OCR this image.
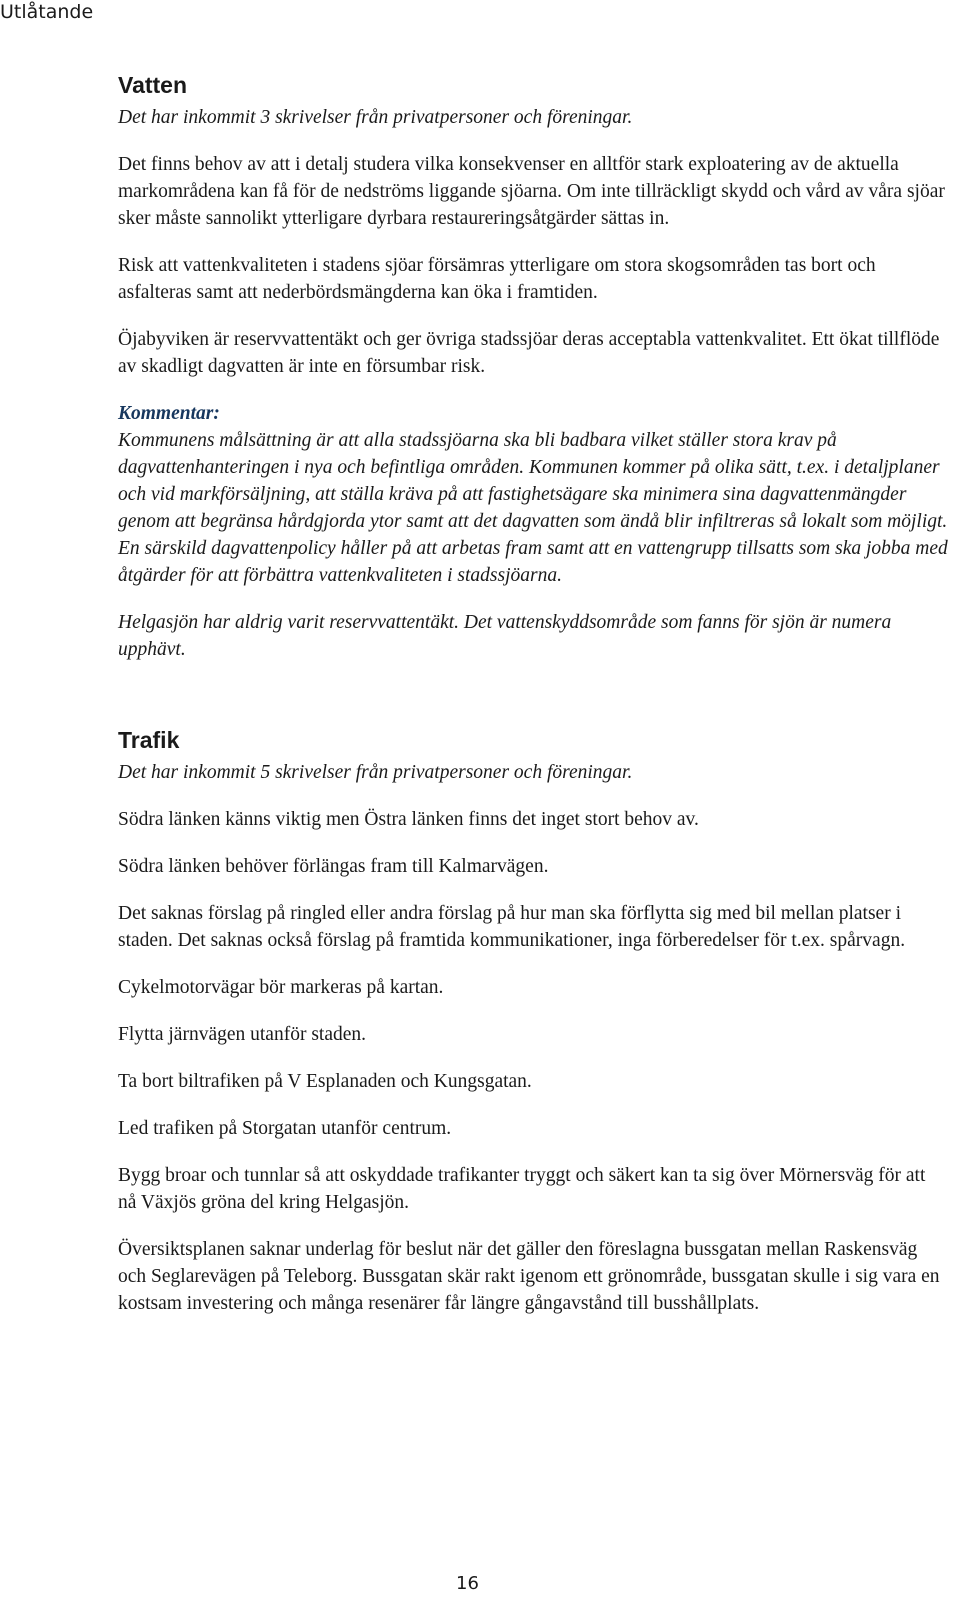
Utlåtande
Vatten

Det har inkommit 3 skrivelser från privatpersoner och föreningar.

Det finns behov av att i detalj studera vilka konsekvenser en alltför stark exploatering av de aktuella markområdena kan få för de nedströms liggande sjöarna. Om inte tillräckligt skydd och vård av våra sjöar sker måste sannolikt ytterligare dyrbara restaureringsåtgärder sättas in.

Risk att vattenkvaliteten i stadens sjöar försämras ytterligare om stora skogsområden tas bort och asfalteras samt att nederbördsmängderna kan öka i framtiden.

Öjabyviken är reservvattentäkt och ger övriga stadssjöar deras acceptabla vattenkvalitet. Ett ökat tillflöde av skadligt dagvatten är inte en försumbar risk.

Kommentar:
Kommunens målsättning är att alla stadssjöarna ska bli badbara vilket ställer stora krav på dagvattenhanteringen i nya och befintliga områden. Kommunen kommer på olika sätt, t.ex. i detaljplaner och vid markförsäljning, att ställa kräva på att fastighetsägare ska minimera sina dagvattenmängder genom att begränsa hårdgjorda ytor samt att det dagvatten som ändå blir infiltreras så lokalt som möjligt. En särskild dagvattenpolicy håller på att arbetas fram samt att en vattengrupp tillsatts som ska jobba med åtgärder för att förbättra vattenkvaliteten i stadssjöarna.

Helgasjön har aldrig varit reservvattentäkt. Det vattenskyddsområde som fanns för sjön är numera upphävt.

Trafik

Det har inkommit 5 skrivelser från privatpersoner och föreningar.

Södra länken känns viktig men Östra länken finns det inget stort behov av.

Södra länken behöver förlängas fram till Kalmarvägen.

Det saknas förslag på ringled eller andra förslag på hur man ska förflytta sig med bil mellan platser i staden. Det saknas också förslag på framtida kommunikationer, inga förberedelser för t.ex. spårvagn.

Cykelmotorvägar bör markeras på kartan.

Flytta järnvägen utanför staden.

Ta bort biltrafiken på V Esplanaden och Kungsgatan.

Led trafiken på Storgatan utanför centrum.

Bygg broar och tunnlar så att oskyddade trafikanter tryggt och säkert kan ta sig över Mörnersväg för att nå Växjös gröna del kring Helgasjön.

Översiktsplanen saknar underlag för beslut när det gäller den föreslagna bussgatan mellan Raskensväg och Seglarevägen på Teleborg. Bussgatan skär rakt igenom ett grönområde, bussgatan skulle i sig vara en kostsam investering och många resenärer får längre gångavstånd till busshållplats.

16
